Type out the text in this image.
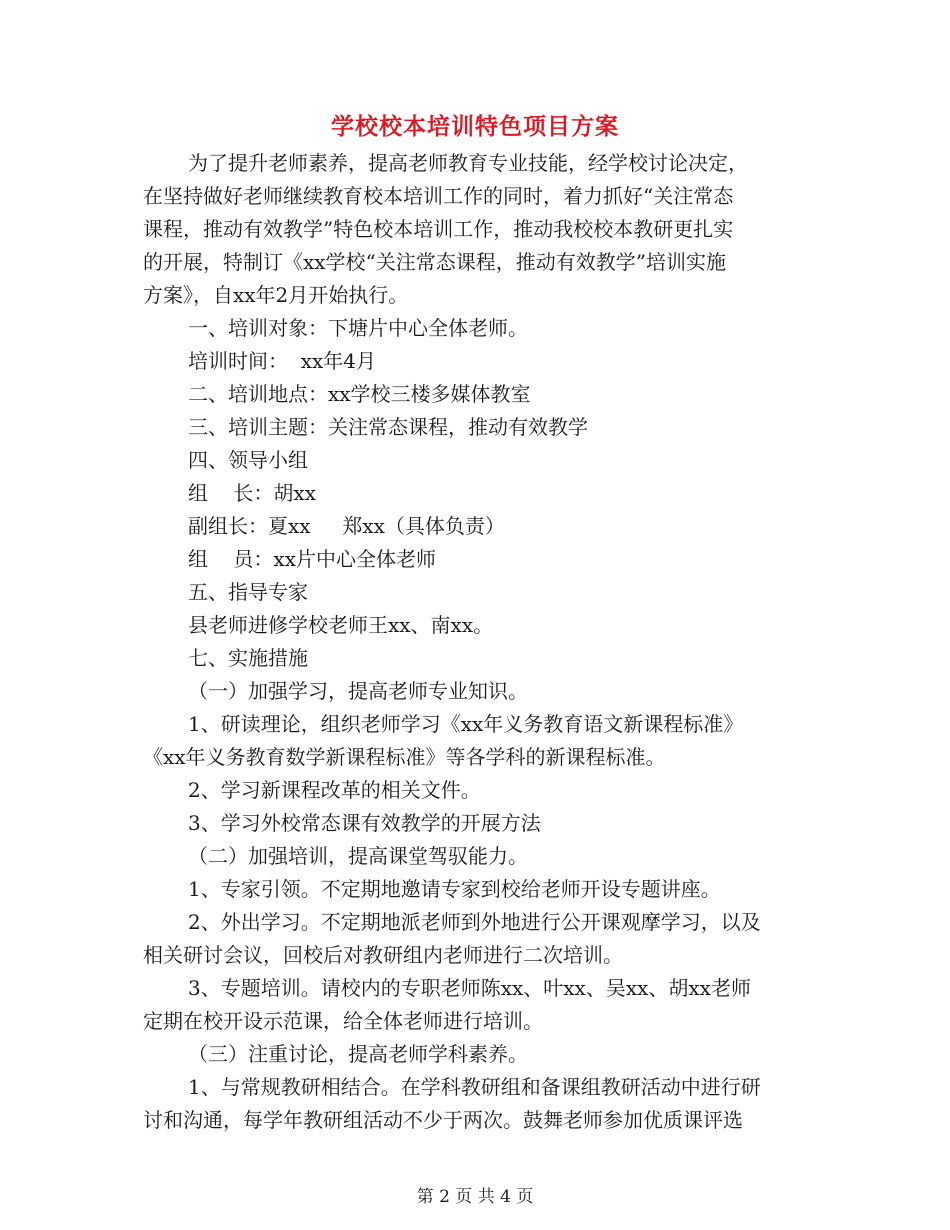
学校校本培训特色项目方案

为了提升老师素养，提高老师教育专业技能，经学校讨论决定，

在坚持做好老师继续教育校本培训工作的同时，着力抓好“关注常态

课程，推动有效教学”特色校本培训工作，推动我校校本教研更扎实

的开展，特制订《xx学校“关注常态课程，推动有效教学”培训实施

方案》，自xx年2月开始执行。

一、培训对象：下塘片中心全体老师。

培训时间：  xx年4月

二、培训地点：xx学校三楼多媒体教室

三、培训主题：关注常态课程，推动有效教学

四、领导小组

组    长：胡xx

副组长：夏xx     郑xx（具体负责）

组    员：xx片中心全体老师

五、指导专家

县老师进修学校老师王xx、南xx。

七、实施措施

（一）加强学习，提高老师专业知识。

1、研读理论，组织老师学习《xx年义务教育语文新课程标准》

《xx年义务教育数学新课程标准》等各学科的新课程标准。

2、学习新课程改革的相关文件。

3、学习外校常态课有效教学的开展方法

（二）加强培训，提高课堂驾驭能力。

1、专家引领。不定期地邀请专家到校给老师开设专题讲座。

2、外出学习。不定期地派老师到外地进行公开课观摩学习，以及

相关研讨会议，回校后对教研组内老师进行二次培训。

3、专题培训。请校内的专职老师陈xx、叶xx、吴xx、胡xx老师

定期在校开设示范课，给全体老师进行培训。

（三）注重讨论，提高老师学科素养。

1、与常规教研相结合。在学科教研组和备课组教研活动中进行研

讨和沟通，每学年教研组活动不少于两次。鼓舞老师参加优质课评选

第 2 页 共 4 页
